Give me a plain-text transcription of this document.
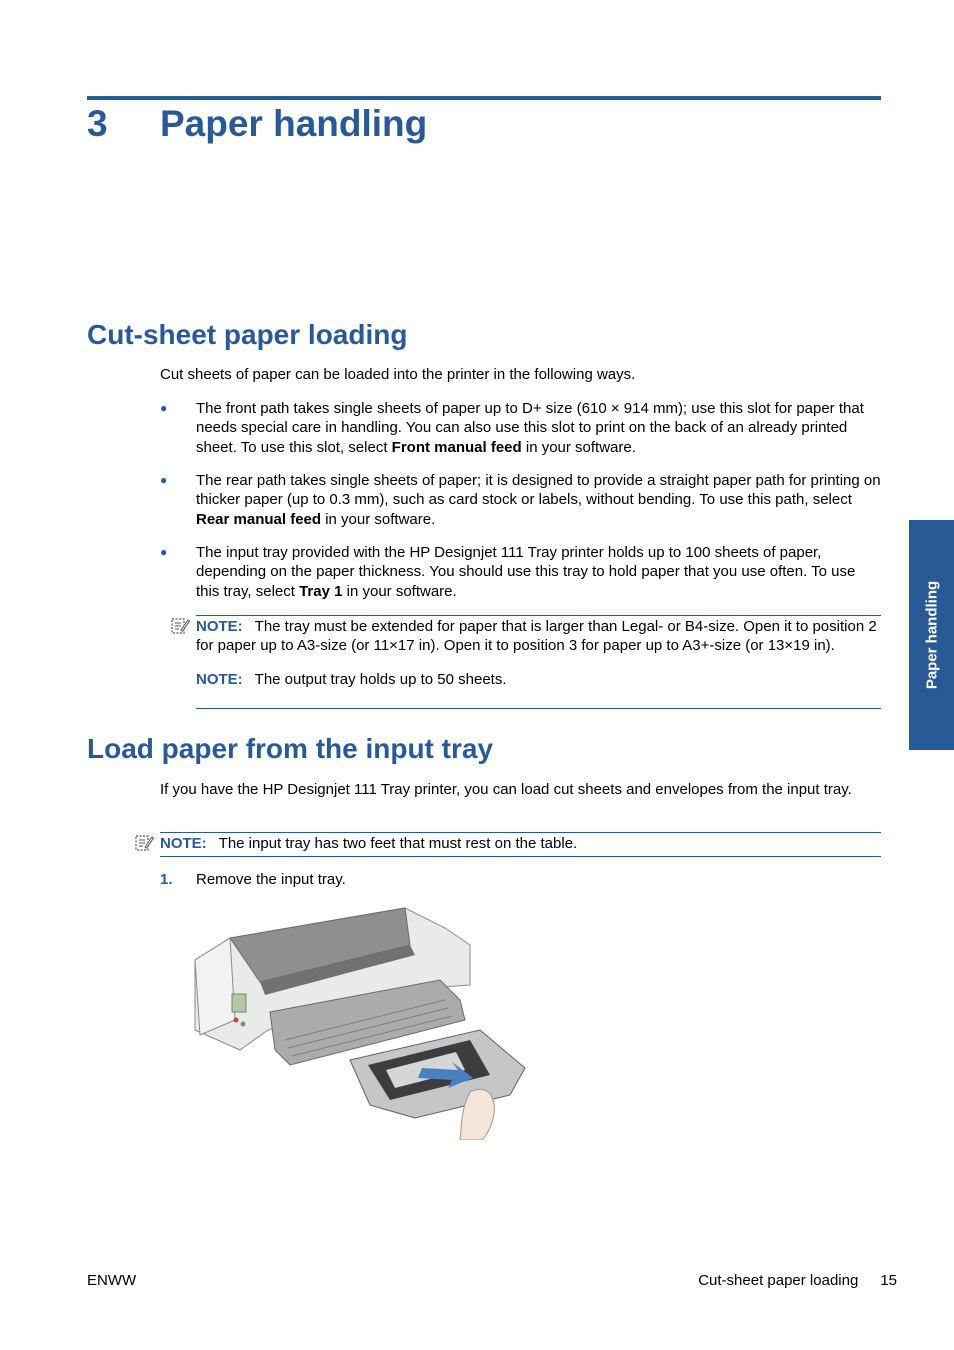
3 Paper handling
Cut-sheet paper loading

Cut sheets of paper can be loaded into the printer in the following ways.

●	The front path takes single sheets of paper up to D+ size (610 × 914 mm); use this slot for paper that needs special care in handling. You can also use this slot to print on the back of an already printed sheet. To use this slot, select Front manual feed in your software.
●	The rear path takes single sheets of paper; it is designed to provide a straight paper path for printing on thicker paper (up to 0.3 mm), such as card stock or labels, without bending. To use this path, select Rear manual feed in your software.
●	The input tray provided with the HP Designjet 111 Tray printer holds up to 100 sheets of paper, depending on the paper thickness. You should use this tray to hold paper that you use often. To use this tray, select Tray 1 in your software.
NOTE: The tray must be extended for paper that is larger than Legal- or B4-size. Open it to position 2 for paper up to A3-size (or 11×17 in). Open it to position 3 for paper up to A3+-size (or 13×19 in).
NOTE: The output tray holds up to 50 sheets.
Load paper from the input tray

If you have the HP Designjet 111 Tray printer, you can load cut sheets and envelopes from the input tray.

NOTE: The input tray has two feet that must rest on the table.
1. Remove the input tray.
Paper handling
ENWW	Cut-sheet paper loading 15
